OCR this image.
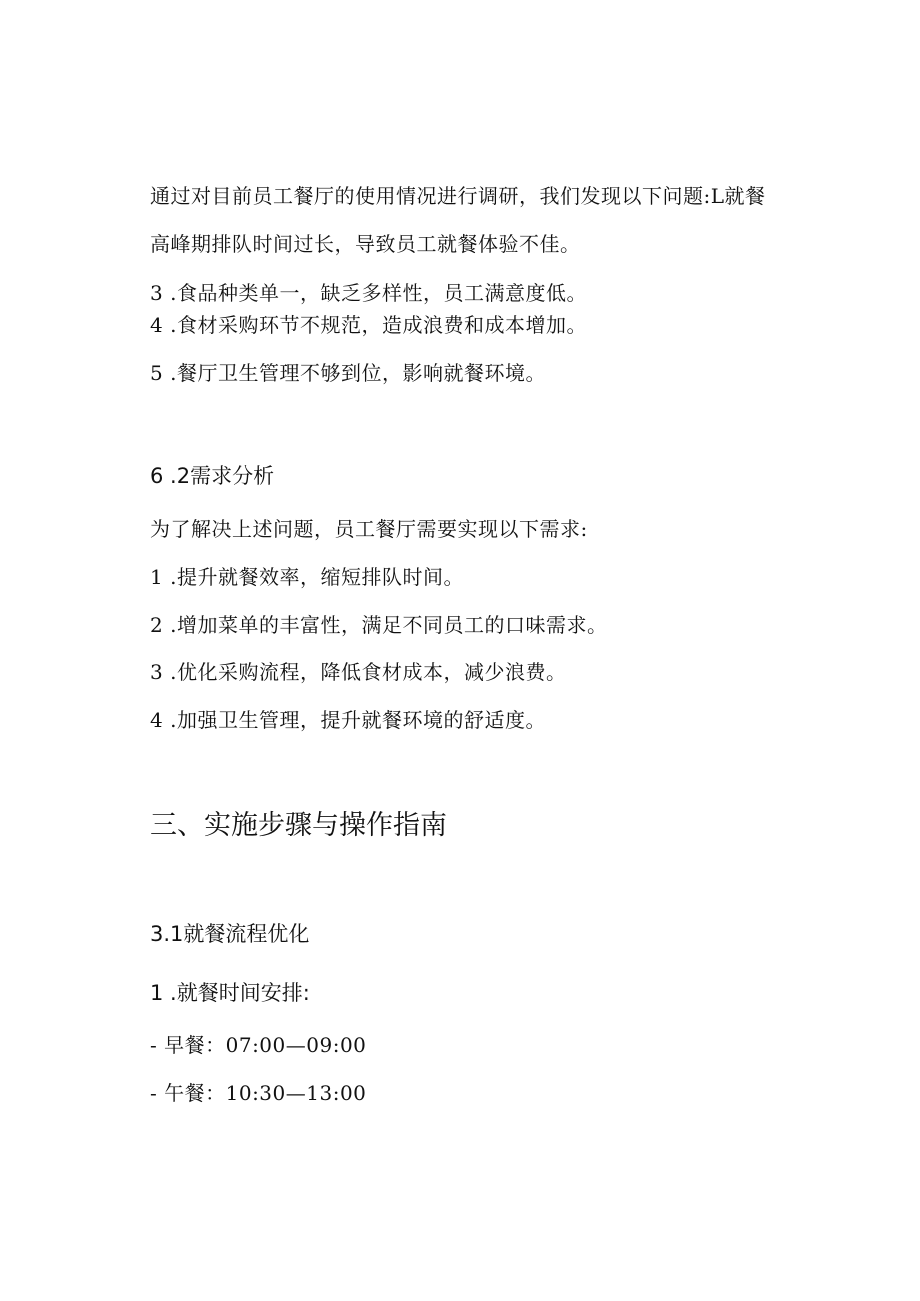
通过对目前员工餐厅的使用情况进行调研，我们发现以下问题:L就餐
高峰期排队时间过长，导致员工就餐体验不佳。
3 .食品种类单一，缺乏多样性，员工满意度低。
4 .食材采购环节不规范，造成浪费和成本增加。
5 .餐厅卫生管理不够到位，影响就餐环境。
6 .2需求分析
为了解决上述问题，员工餐厅需要实现以下需求:
1 .提升就餐效率，缩短排队时间。
2 .增加菜单的丰富性，满足不同员工的口味需求。
3 .优化采购流程，降低食材成本，减少浪费。
4 .加强卫生管理，提升就餐环境的舒适度。
三、实施步骤与操作指南
3.1就餐流程优化
1 .就餐时间安排:
- 早餐：07:00—09:00
- 午餐：10:30—13:00
